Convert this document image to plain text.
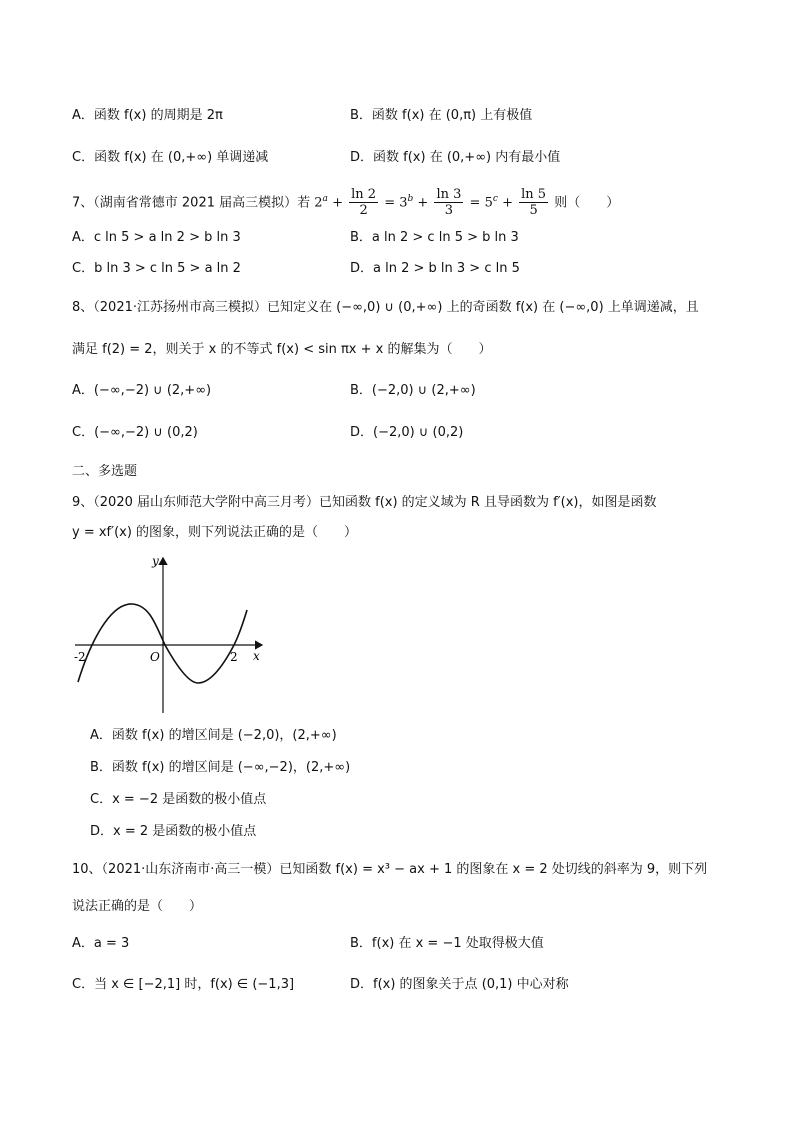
A．函数 f(x) 的周期是 2π	B．函数 f(x) 在 (0,π) 上有极值
C．函数 f(x) 在 (0,+∞) 单调递减	D．函数 f(x) 在 (0,+∞) 内有最小值
7、（湖南省常德市 2021 届高三模拟）若 $2^a + \frac{\ln 2}{2} = 3^b + \frac{\ln 3}{3} = 5^c + \frac{\ln 5}{5}$ 则（　　）
A．c ln 5 > a ln 2 > b ln 3	B．a ln 2 > c ln 5 > b ln 3
C．b ln 3 > c ln 5 > a ln 2	D．a ln 2 > b ln 3 > c ln 5
8、（2021·江苏扬州市高三模拟）已知定义在 (−∞,0) ∪ (0,+∞) 上的奇函数 f(x) 在 (−∞,0) 上单调递减，且
满足 f(2) = 2，则关于 x 的不等式 f(x) < sin πx + x 的解集为（　　）
A．(−∞,−2) ∪ (2,+∞)	B．(−2,0) ∪ (2,+∞)
C．(−∞,−2) ∪ (0,2)	D．(−2,0) ∪ (0,2)
二、多选题
9、（2020 届山东师范大学附中高三月考）已知函数 f(x) 的定义域为 R 且导函数为 f′(x)，如图是函数
y = xf′(x) 的图象，则下列说法正确的是（　　）
y
x
O
-2	2
A．函数 f(x) 的增区间是 (−2,0)，(2,+∞)
B．函数 f(x) 的增区间是 (−∞,−2)，(2,+∞)
C．x = −2 是函数的极小值点
D．x = 2 是函数的极小值点
10、（2021·山东济南市·高三一模）已知函数 f(x) = x³ − ax + 1 的图象在 x = 2 处切线的斜率为 9，则下列
说法正确的是（　　）
A．a = 3	B．f(x) 在 x = −1 处取得极大值
C．当 x ∈ [−2,1] 时，f(x) ∈ (−1,3]	D．f(x) 的图象关于点 (0,1) 中心对称
